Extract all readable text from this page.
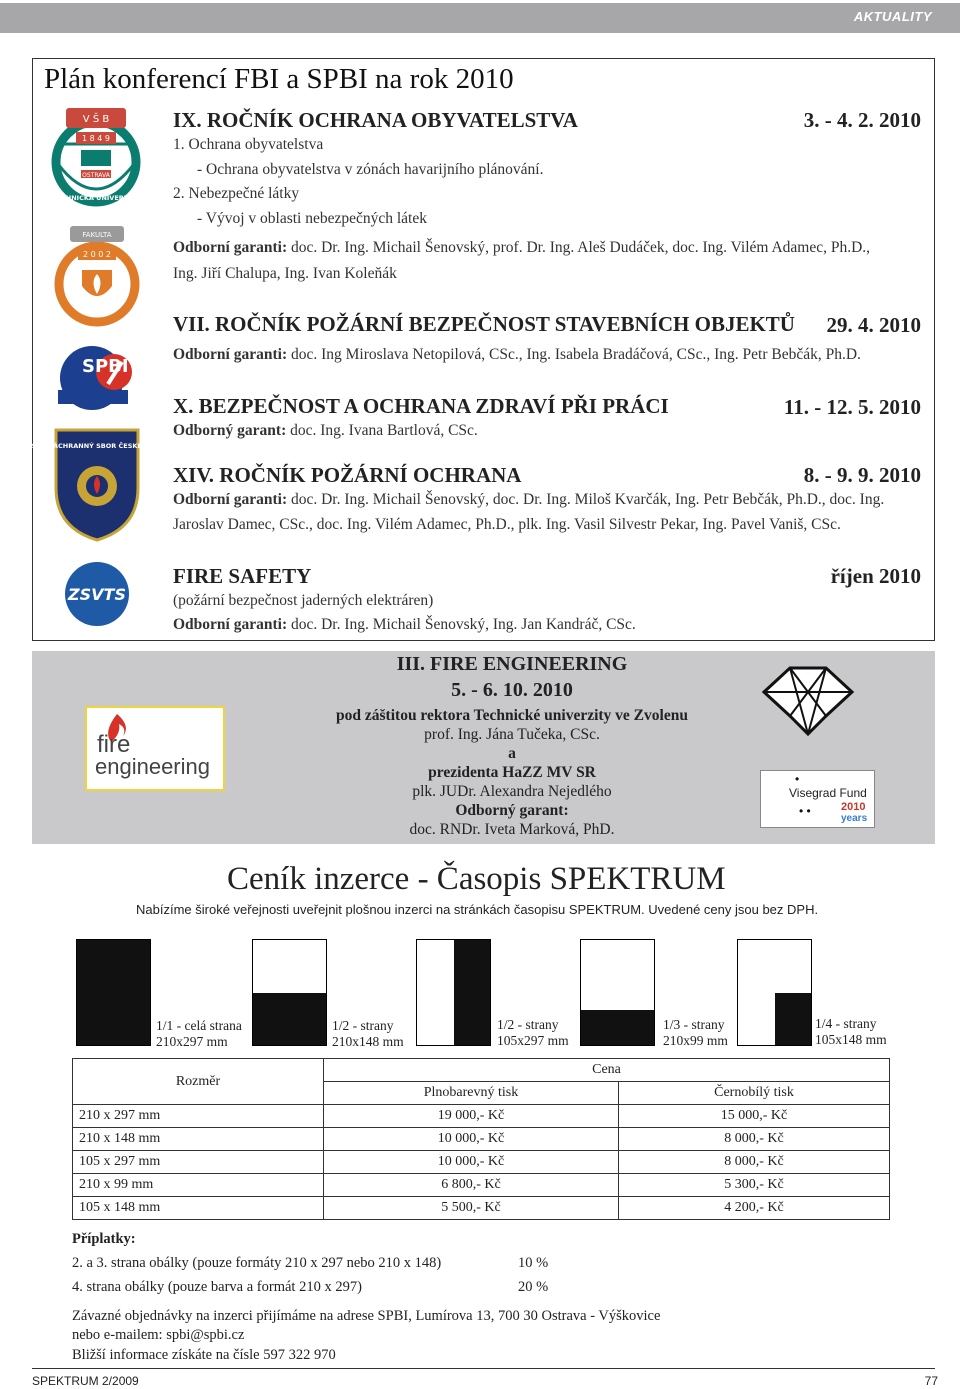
AKTUALITY
Plán konferencí FBI a SPBI na rok 2010
V Š B
1 8 4 9
OSTRAVA
TECHNICKÁ UNIVERZITA
FAKULTA
2 0 0 2
SPBI
HASIČSKÝ ZÁCHRANNÝ SBOR ČESKÉ REPUBLIKY
ZSVTS
IX. ROČNÍK OCHRANA OBYVATELSTVA	3. - 4. 2. 2010
1. Ochrana obyvatelstva
- Ochrana obyvatelstva v zónách havarijního plánování.
2. Nebezpečné látky
- Vývoj v oblasti nebezpečných látek
Odborní garanti: doc. Dr. Ing. Michail Šenovský, prof. Dr. Ing. Aleš Dudáček, doc. Ing. Vilém Adamec, Ph.D.,
Ing. Jiří Chalupa, Ing. Ivan Koleňák
VII. ROČNÍK POŽÁRNÍ BEZPEČNOST STAVEBNÍCH OBJEKTŮ 29. 4. 2010
Odborní garanti: doc. Ing Miroslava Netopilová, CSc., Ing. Isabela Bradáčová, CSc., Ing. Petr Bebčák, Ph.D.
X. BEZPEČNOST A OCHRANA ZDRAVÍ PŘI PRÁCI	11. - 12. 5. 2010
Odborný garant: doc. Ing. Ivana Bartlová, CSc.
XIV. ROČNÍK POŽÁRNÍ OCHRANA	8. - 9. 9. 2010
Odborní garanti: doc. Dr. Ing. Michail Šenovský, doc. Dr. Ing. Miloš Kvarčák, Ing. Petr Bebčák, Ph.D., doc. Ing.
Jaroslav Damec, CSc., doc. Ing. Vilém Adamec, Ph.D., plk. Ing. Vasil Silvestr Pekar, Ing. Pavel Vaniš, CSc.
FIRE SAFETY	říjen 2010
(požární bezpečnost jaderných elektráren)
Odborní garanti: doc. Dr. Ing. Michail Šenovský, Ing. Jan Kandráč, CSc.
fire
engineering
III. FIRE ENGINEERING
5. - 6. 10. 2010
pod záštitou rektora Technické univerzity ve Zvolenu
prof. Ing. Jána Tučeka, CSc.
a
prezidenta HaZZ MV SR
plk. JUDr. Alexandra Nejedlého
Odborný garant:
doc. RNDr. Iveta Marková, PhD.
•
Visegrad Fund
2010
years
• •
Ceník inzerce - Časopis SPEKTRUM
Nabízíme široké veřejnosti uveřejnit plošnou inzerci na stránkách časopisu SPEKTRUM. Uvedené ceny jsou bez DPH.
1/1 - celá strana
210x297 mm
1/2 - strany
210x148 mm
1/2 - strany
105x297 mm
1/3 - strany
210x99 mm
1/4 - strany
105x148 mm
Rozměr	Cena	
	Plnobarevný tisk	Černobílý tisk
210 x 297 mm	19 000,- Kč	15 000,- Kč
210 x 148 mm	10 000,- Kč	8 000,- Kč
105 x 297 mm	10 000,- Kč	8 000,- Kč
210 x 99 mm	6 800,- Kč	5 300,- Kč
105 x 148 mm	5 500,- Kč	4 200,- Kč
Příplatky:
2. a 3. strana obálky (pouze formáty 210 x 297 nebo 210 x 148)	10 %
4. strana obálky (pouze barva a formát 210 x 297)	20 %
Závazné objednávky na inzerci přijímáme na adrese SPBI, Lumírova 13, 700 30 Ostrava - Výškovice
nebo e-mailem: spbi@spbi.cz
Bližší informace získáte na čísle 597 322 970
SPEKTRUM 2/2009	77
